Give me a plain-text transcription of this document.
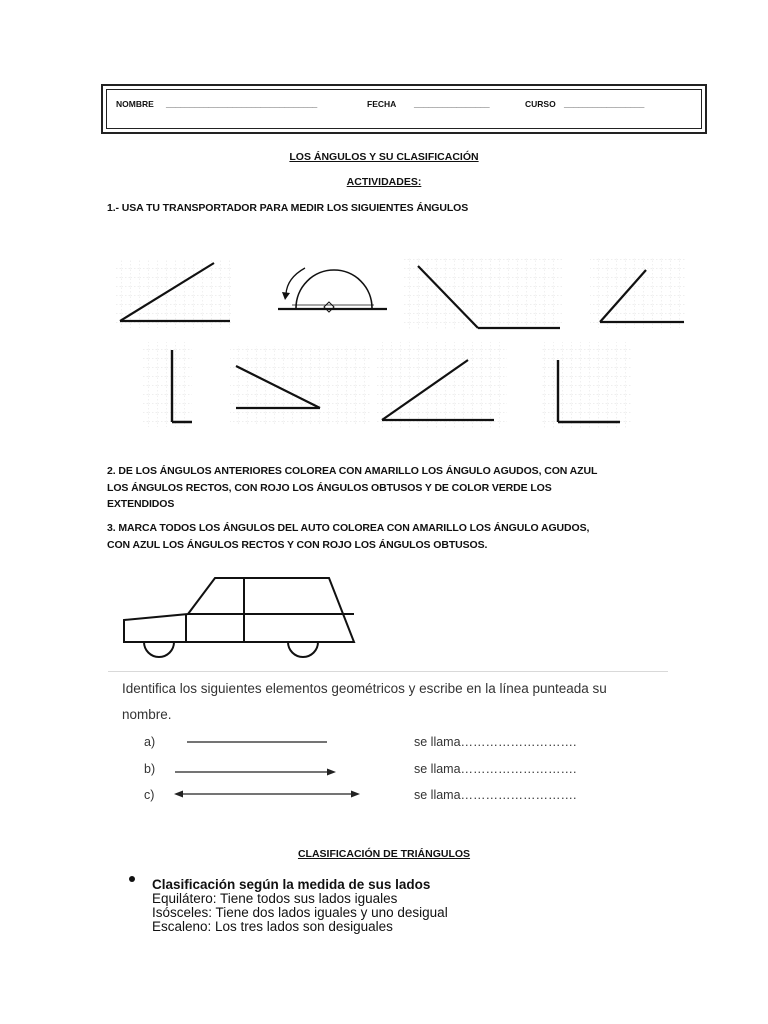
NOMBRE ________________________________	FECHA ________________	CURSO _________________
LOS ÁNGULOS Y SU CLASIFICACIÓN
ACTIVIDADES:
1.- USA TU TRANSPORTADOR PARA MEDIR LOS SIGUIENTES ÁNGULOS
2. DE LOS ÁNGULOS ANTERIORES COLOREA CON AMARILLO LOS ÁNGULO AGUDOS, CON AZUL
LOS ÁNGULOS RECTOS, CON ROJO LOS ÁNGULOS OBTUSOS Y DE COLOR VERDE LOS
EXTENDIDOS
3. MARCA TODOS LOS ÁNGULOS DEL AUTO COLOREA CON AMARILLO LOS ÁNGULO AGUDOS,
CON AZUL LOS ÁNGULOS RECTOS Y CON ROJO LOS ÁNGULOS OBTUSOS.
Identifica los siguientes elementos geométricos y escribe en la línea punteada su
nombre.
a)
b)
c)
se llama……………………….
se llama……………………….
se llama……………………….
CLASIFICACIÓN DE TRIÁNGULOS
Clasificación según la medida de sus lados
Equilátero: Tiene todos sus lados iguales
Isósceles: Tiene dos lados iguales y uno desigual
Escaleno: Los tres lados son desiguales
